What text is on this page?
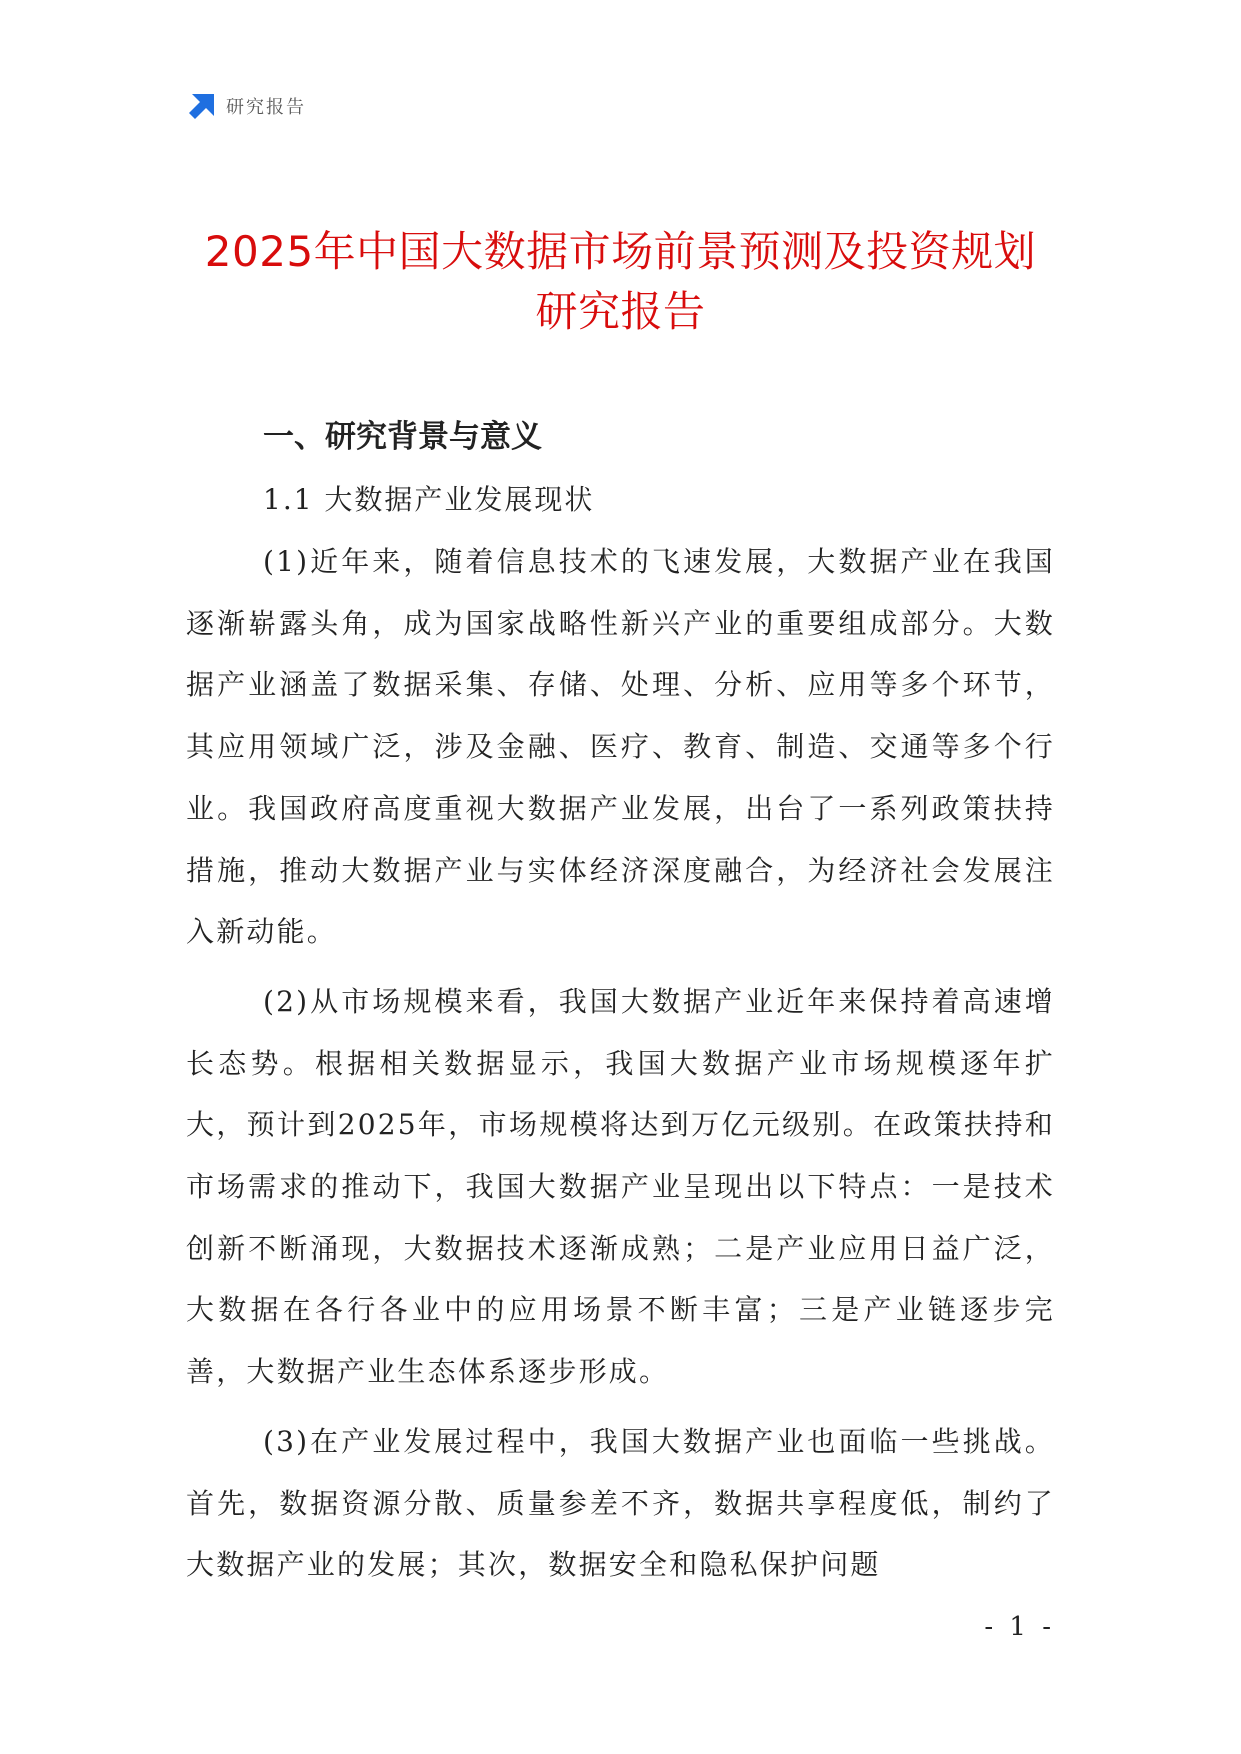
研究报告
2025年中国大数据市场前景预测及投资规划研究报告
一、研究背景与意义
1.1 大数据产业发展现状

(1)近年来，随着信息技术的飞速发展，大数据产业在我国逐渐崭露头角，成为国家战略性新兴产业的重要组成部分。大数据产业涵盖了数据采集、存储、处理、分析、应用等多个环节，其应用领域广泛，涉及金融、医疗、教育、制造、交通等多个行业。我国政府高度重视大数据产业发展，出台了一系列政策扶持措施，推动大数据产业与实体经济深度融合，为经济社会发展注入新动能。

(2)从市场规模来看，我国大数据产业近年来保持着高速增长态势。根据相关数据显示，我国大数据产业市场规模逐年扩大，预计到2025年，市场规模将达到万亿元级别。在政策扶持和市场需求的推动下，我国大数据产业呈现出以下特点：一是技术创新不断涌现，大数据技术逐渐成熟；二是产业应用日益广泛，大数据在各行各业中的应用场景不断丰富；三是产业链逐步完善，大数据产业生态体系逐步形成。

(3)在产业发展过程中，我国大数据产业也面临一些挑战。首先，数据资源分散、质量参差不齐，数据共享程度低，制约了大数据产业的发展；其次，数据安全和隐私保护问题

- 1 -
